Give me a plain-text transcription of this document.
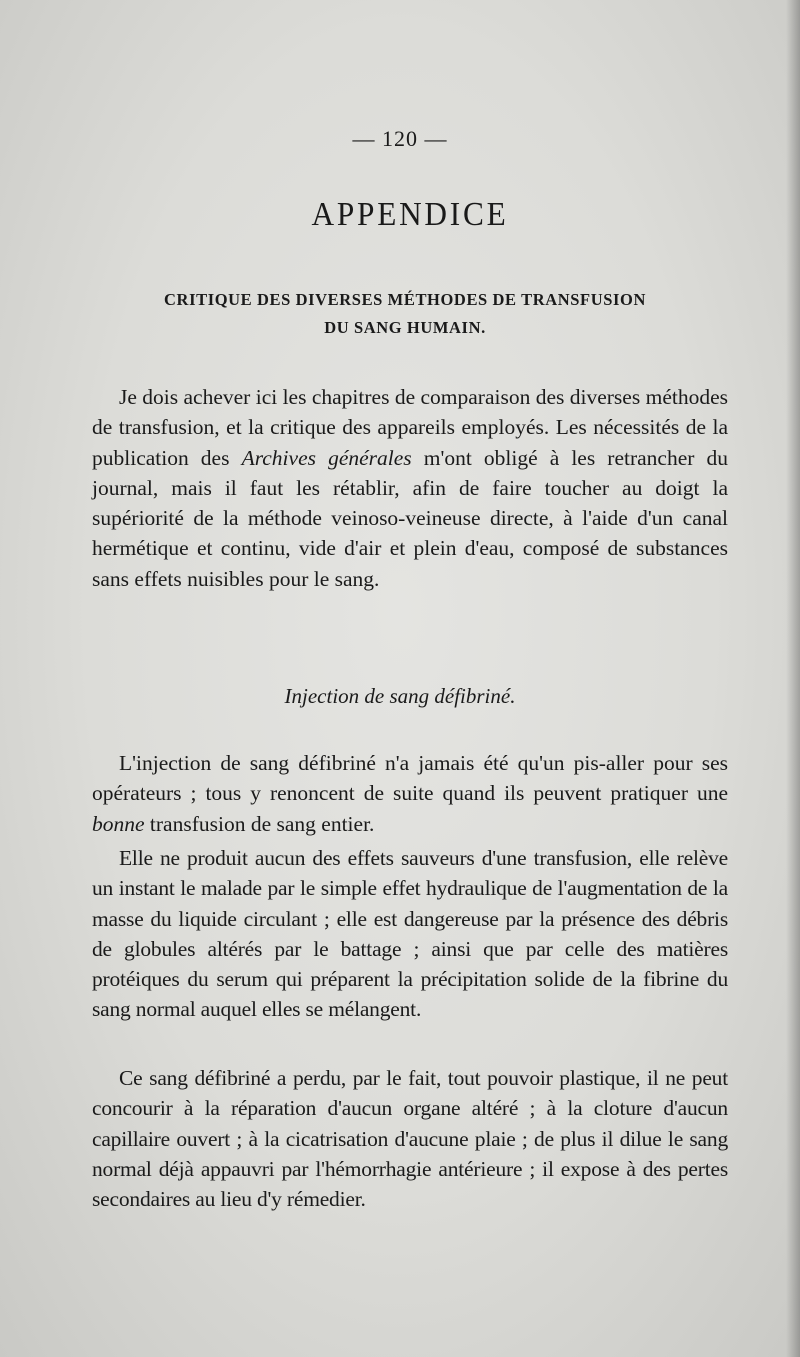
— 120 —
APPENDICE
CRITIQUE DES DIVERSES MÉTHODES DE TRANSFUSION
DU SANG HUMAIN.

Je dois achever ici les chapitres de comparaison des diverses méthodes de transfusion, et la critique des appareils employés. Les nécessités de la publication des Archives générales m'ont obligé à les retrancher du journal, mais il faut les rétablir, afin de faire toucher au doigt la supériorité de la méthode veinoso-veineuse directe, à l'aide d'un canal hermétique et continu, vide d'air et plein d'eau, composé de substances sans effets nuisibles pour le sang.

Injection de sang défibriné.

L'injection de sang défibriné n'a jamais été qu'un pis-aller pour ses opérateurs ; tous y renoncent de suite quand ils peuvent pratiquer une bonne transfusion de sang entier.

Elle ne produit aucun des effets sauveurs d'une transfusion, elle relève un instant le malade par le simple effet hydraulique de l'augmentation de la masse du liquide circulant ; elle est dangereuse par la présence des débris de globules altérés par le battage ; ainsi que par celle des matières protéiques du serum qui préparent la précipitation solide de la fibrine du sang normal auquel elles se mélangent.

Ce sang défibriné a perdu, par le fait, tout pouvoir plastique, il ne peut concourir à la réparation d'aucun organe altéré ; à la cloture d'aucun capillaire ouvert ; à la cicatrisation d'aucune plaie ; de plus il dilue le sang normal déjà appauvri par l'hémorrhagie antérieure ; il expose à des pertes secondaires au lieu d'y rémedier.
